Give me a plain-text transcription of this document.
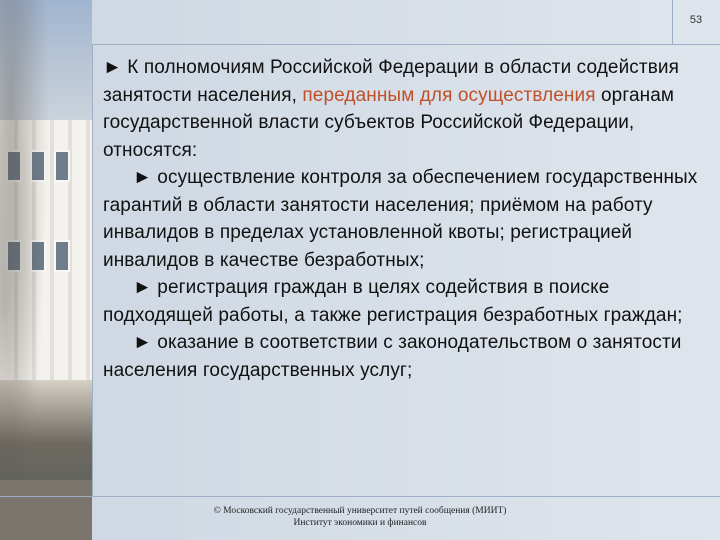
53

► К полномочиям Российской Федерации в области содействия занятости населения, переданным для осуществления органам государственной власти субъектов Российской Федерации, относятся:

► осуществление контроля за обеспечением государственных гарантий в области занятости населения; приёмом на работу инвалидов в пределах установленной квоты; регистрацией инвалидов в качестве безработных;

► регистрация граждан в целях содействия в поиске подходящей работы, а также регистрация безработных граждан;

► оказание в соответствии с законодательством о занятости населения государственных услуг;

© Московский государственный университет путей сообщения (МИИТ)
Институт экономики и финансов
